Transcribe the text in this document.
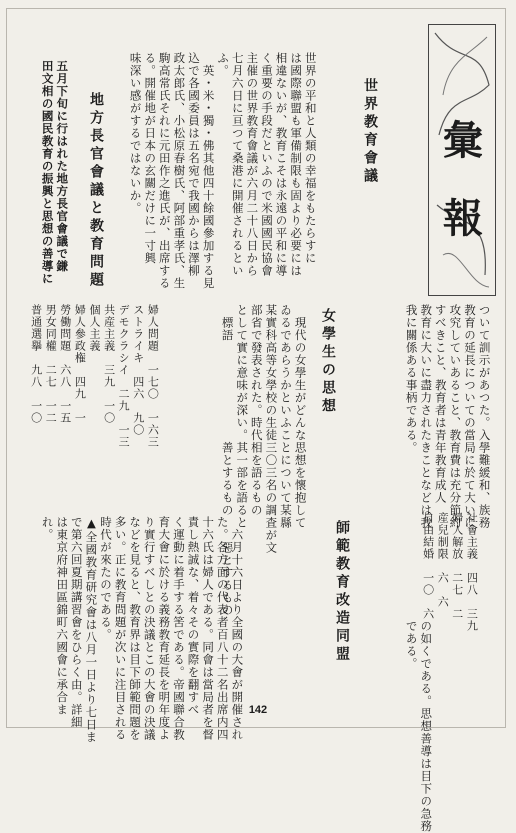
彙
報
世界教育會議
世界の平和と人類の幸福をもたらすに
は國際聯盟も軍備制限も固より必要には
相違ないが、教育こそは永遠の平和に導
く重要の手段だといふので米國國民協會
主催の世界教育會議が六月二十八日から
七月六日に亘つて桑港に開催されるとい
ふ。
　英・米・獨・佛其他四十餘國參加する見
込で各國委員は五名宛で我國からは澤柳
政太郎氏、小松原春樹氏、阿部重孝氏、生
駒高常氏それに元田作之進氏が、出席する
る。開催地が日本の玄關だけに一寸興
味深い感がするではないか。
地方長官會議と教育問題
五月下旬に行はれた地方長官會議で鎌
田文相の國民教育の振興と思想の善導に
ついて訓示があつた。入學難緩和、族務
教育の延長についての當局に於て大いに
攻究していあること、教育費は充分節約
すべきこと、教育者は青年教育成人
教育に大いに盡力されたきことなどは我
我に關係ある事柄である。
女學生の思想
　現代の女學生がどんな思想を懷抱して
ゐるであらうかといふことについて某縣
某實科高等女學校の生徒三〇三名の調査が文
部省で發表された。時代相を語るもの
として實に意味が深い。其一部を語ると
　標語　　　　　　　　善とするもの　　惡とするもの
婦人問題　一七〇　一六三
ストライキ　四六　九〇
デモクラシイ　二九　一三
共産主義　三九　一〇
個人主義
婦人參政権　四九　一
勞働問題　六八　一五
男女同權　二七　一二
普通選擧　九八　一〇
社會主義　四八　三九
婦人解放　二七　二
産兒制限　六　六
自由結婚　一〇　六
の如くである。思想善導は目下の急務
である。
師範教育改造同盟
　六月十六日より全國の大會が開催され
た。各方面の代表者百八十二名出席内四
十六氏は婦人である。同會は當局者を督
責し熱誠な、着々その實際を翻すべ
く運動に着手する筈である。帝國聯合教
育大會に於ける義務教育延長を明年度よ
り實行すべしとの決議とこの大會の決議
などを見ると、教育界は目下師範問題を
多い。正に教育問題が次いに注目される
時代が來たのである。
▲全國教育研究會は八月一日より七日ま
で第六回夏期講習會をひらく由。詳細
は東京府神田區錦町六國會に承合ま
れ。
142
